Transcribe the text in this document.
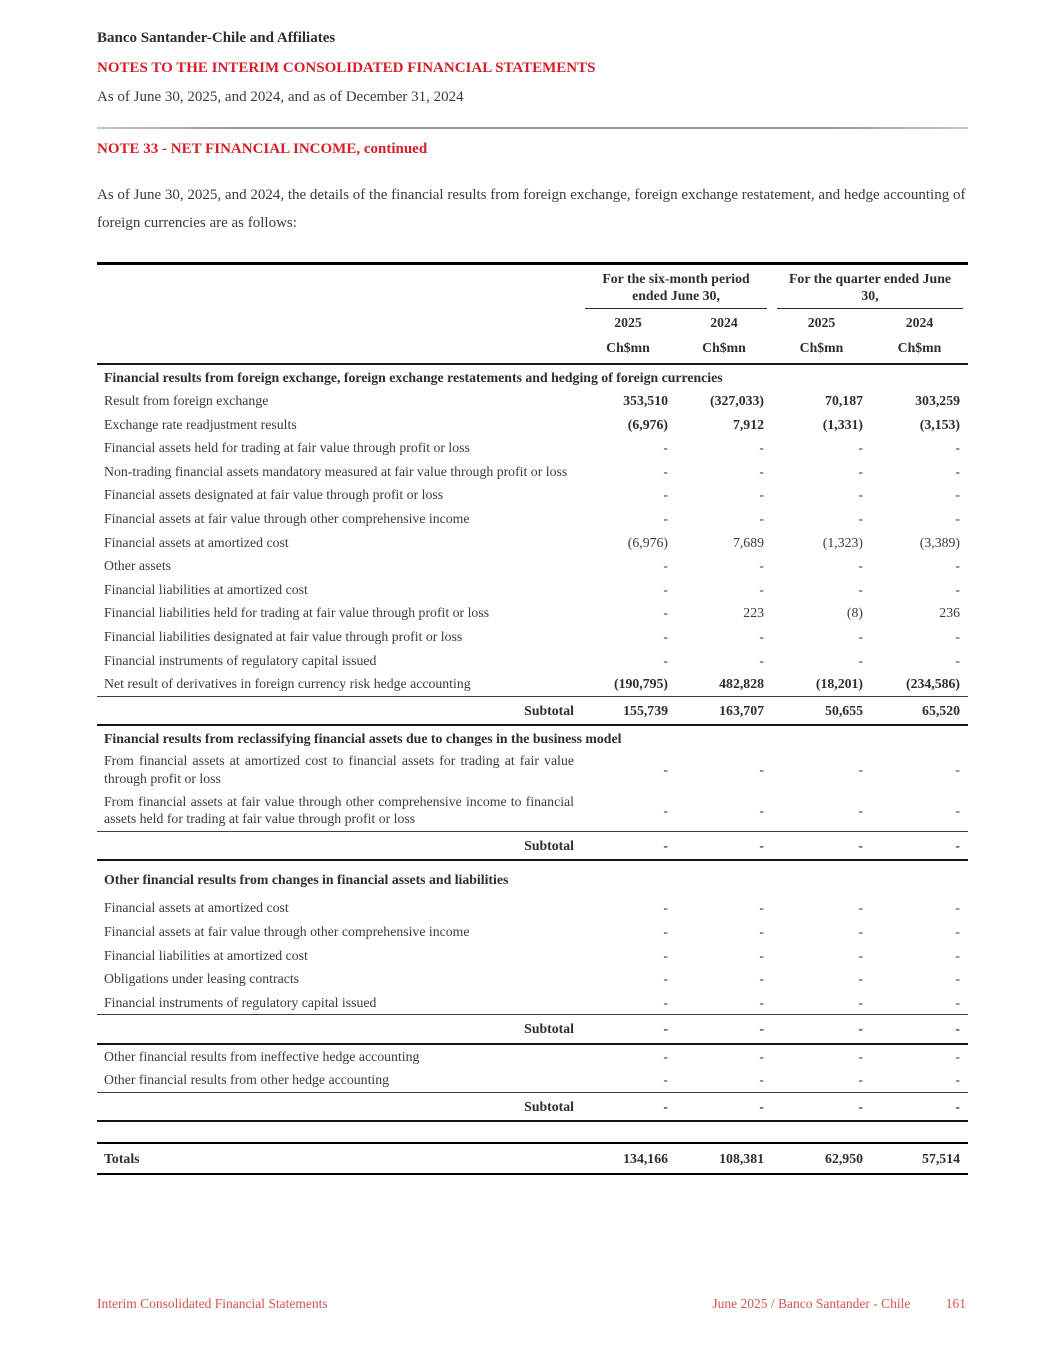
Banco Santander-Chile and Affiliates
NOTES TO THE INTERIM CONSOLIDATED FINANCIAL STATEMENTS
As of June 30, 2025, and 2024, and as of December 31, 2024
NOTE 33 - NET FINANCIAL INCOME, continued

As of June 30, 2025, and 2024, the details of the financial results from foreign exchange, foreign exchange restatement, and hedge accounting of foreign currencies are as follows:

	For the six-month period ended June 30,		For the quarter ended June 30,	

	2025	2024	2025	2024
	Ch$mn	Ch$mn	Ch$mn	Ch$mn
Financial results from foreign exchange, foreign exchange restatements and hedging of foreign currencies				
Result from foreign exchange	353,510	(327,033)	70,187	303,259
Exchange rate readjustment results	(6,976)	7,912	(1,331)	(3,153)
Financial assets held for trading at fair value through profit or loss	-	-	-	-
Non-trading financial assets mandatory measured at fair value through profit or loss	-	-	-	-
Financial assets designated at fair value through profit or loss	-	-	-	-
Financial assets at fair value through other comprehensive income	-	-	-	-
Financial assets at amortized cost	(6,976)	7,689	(1,323)	(3,389)
Other assets	-	-	-	-
Financial liabilities at amortized cost	-	-	-	-
Financial liabilities held for trading at fair value through profit or loss	-	223	(8)	236
Financial liabilities designated at fair value through profit or loss	-	-	-	-
Financial instruments of regulatory capital issued	-	-	-	-
Net result of derivatives in foreign currency risk hedge accounting	(190,795)	482,828	(18,201)	(234,586)
Subtotal	155,739	163,707	50,655	65,520
Financial results from reclassifying financial assets due to changes in the business model				
From financial assets at amortized cost to financial assets for trading at fair value through profit or loss	-	-	-	-
From financial assets at fair value through other comprehensive income to financial assets held for trading at fair value through profit or loss	-	-	-	-
Subtotal	-	-	-	-
Other financial results from changes in financial assets and liabilities				
Financial assets at amortized cost	-	-	-	-
Financial assets at fair value through other comprehensive income	-	-	-	-
Financial liabilities at amortized cost	-	-	-	-
Obligations under leasing contracts	-	-	-	-
Financial instruments of regulatory capital issued	-	-	-	-
Subtotal	-	-	-	-
Other financial results from ineffective hedge accounting	-	-	-	-
Other financial results from other hedge accounting	-	-	-	-
Subtotal	-	-	-	-

Totals	134,166	108,381	62,950	57,514
Interim Consolidated Financial Statements	June 2025 / Banco Santander - Chile	161
